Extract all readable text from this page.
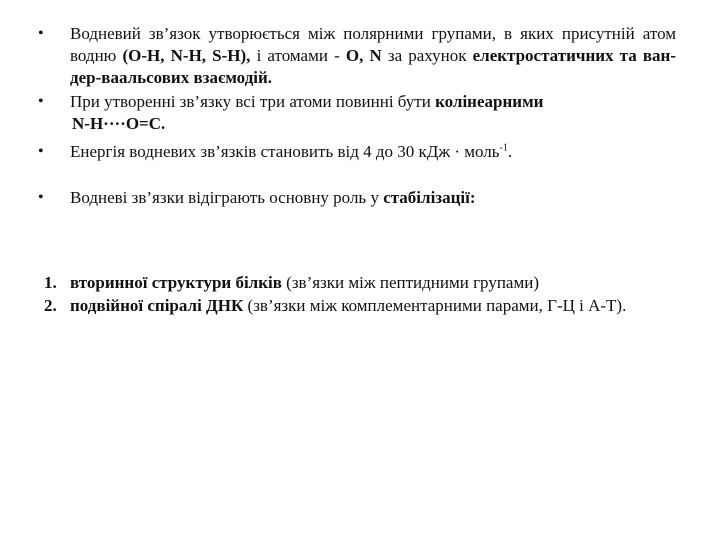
• Водневий зв’язок утворюється між полярними групами, в яких присутній атом водню (О-Н, N-H, S-H), і атомами - O, N за рахунок електростатичних та ван-дер-ваальсових взаємодій.
• При утворенні зв’язку всі три атоми повинні бути колінеарними
N-H····O=C.
• Енергія водневих зв’язків становить від 4 до 30 кДж · моль$^{-1}$.
• Водневі зв’язки відіграють основну роль у стабілізації:
1. вторинної структури білків (зв’язки між пептидними групами)
2. подвійної спіралі ДНК (зв’язки між комплементарними парами, Г-Ц і А-Т).
